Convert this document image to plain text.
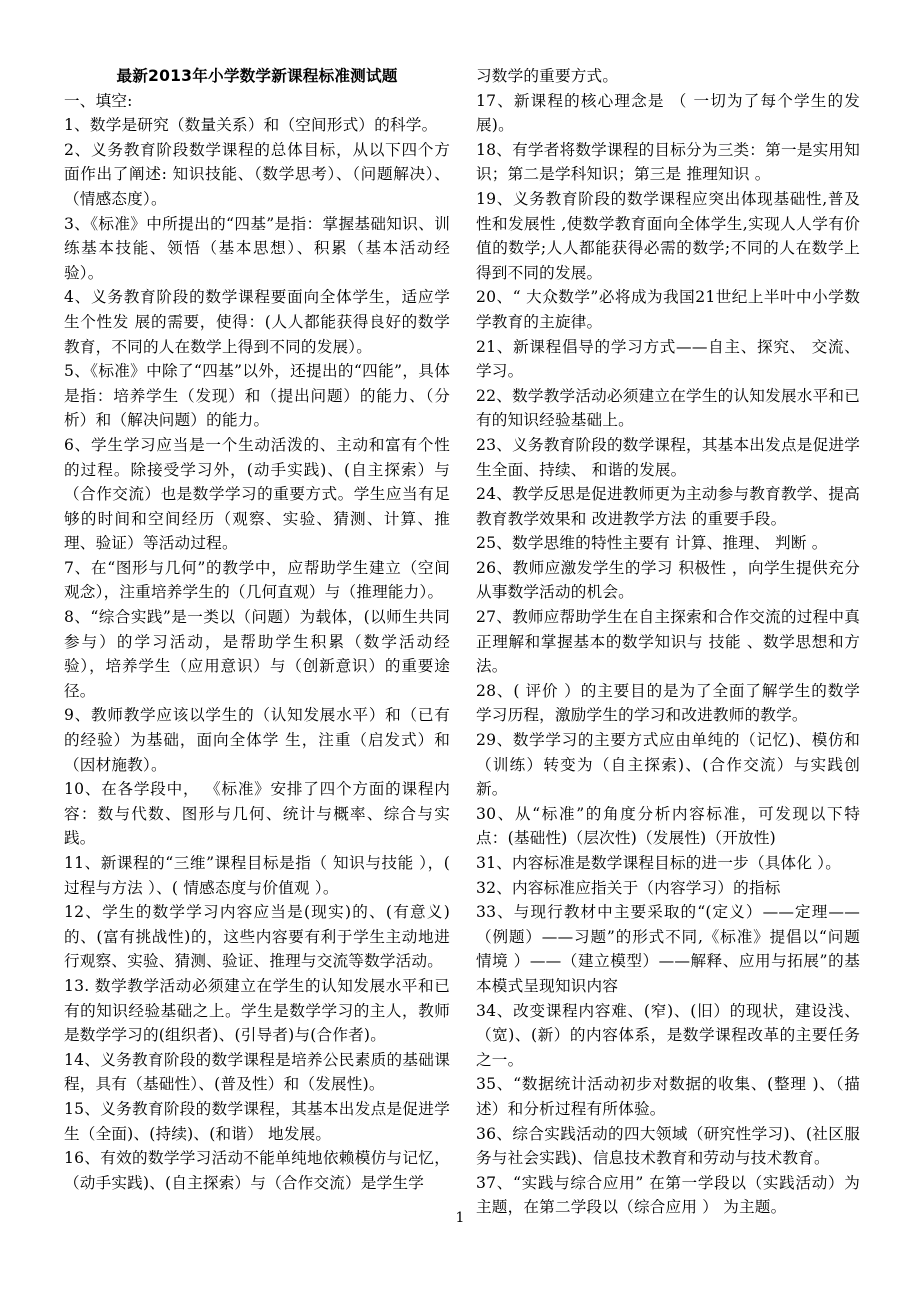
最新2013年小学数学新课程标准测试题

一、填空:

1、数学是研究（数量关系）和（空间形式）的科学。

2、义务教育阶段数学课程的总体目标，从以下四个方面作出了阐述: 知识技能、（数学思考）、（问题解决）、（情感态度）。

3、《标准》中所提出的“四基”是指：掌握基础知识、训练基本技能、领悟（基本思想）、积累（基本活动经验）。

4、义务教育阶段的数学课程要面向全体学生，适应学生个性发 展的需要，使得：(人人都能获得良好的数学教育，不同的人在数学上得到不同的发展）。

5、《标准》中除了“四基”以外，还提出的“四能”，具体是指：培养学生（发现）和（提出问题）的能力、（分析）和（解决问题）的能力。

6、学生学习应当是一个生动活泼的、主动和富有个性的过程。除接受学习外，(动手实践)、(自主探索）与（合作交流）也是数学学习的重要方式。学生应当有足够的时间和空间经历（观察、实验、猜测、计算、推理、验证）等活动过程。

7、在“图形与几何”的教学中，应帮助学生建立（空间观念），注重培养学生的（几何直观）与（推理能力）。

8、“综合实践”是一类以（问题）为载体，(以师生共同参与）的学习活动，是帮助学生积累（数学活动经验），培养学生（应用意识）与（创新意识）的重要途径。

9、教师教学应该以学生的（认知发展水平）和（已有的经验）为基础，面向全体学 生，注重（启发式）和（因材施教）。

10、在各学段中， 《标准》安排了四个方面的课程内容：数与代数、图形与几何、统计与概率、综合与实践。

11、新课程的“三维”课程目标是指（ 知识与技能 ），( 过程与方法 ）、( 情感态度与价值观 ）。

12、学生的数学学习内容应当是(现实)的、(有意义)的、(富有挑战性)的，这些内容要有利于学生主动地进行观察、实验、猜测、验证、推理与交流等数学活动。

13. 数学教学活动必须建立在学生的认知发展水平和已有的知识经验基础之上。学生是数学学习的主人，教师是数学学习的(组织者)、(引导者)与(合作者)。

14、义务教育阶段的数学课程是培养公民素质的基础课程，具有（基础性）、(普及性）和（发展性)。

15、义务教育阶段的数学课程，其基本出发点是促进学生（全面)、(持续)、(和谐） 地发展。

16、有效的数学学习活动不能单纯地依赖模仿与记忆，（动手实践)、(自主探索）与（合作交流）是学生学

习数学的重要方式。

17、新课程的核心理念是 （ 一切为了每个学生的发展)。

18、有学者将数学课程的目标分为三类：第一是实用知识；第二是学科知识；第三是 推理知识 。

19、义务教育阶段的数学课程应突出体现基础性,普及性和发展性 ,使数学教育面向全体学生,实现人人学有价值的数学;人人都能获得必需的数学;不同的人在数学上得到不同的发展。

20、“ 大众数学”必将成为我国21世纪上半叶中小学数学教育的主旋律。

21、新课程倡导的学习方式——自主、探究、 交流、学习。

22、数学教学活动必须建立在学生的认知发展水平和已有的知识经验基础上。

23、义务教育阶段的数学课程，其基本出发点是促进学生全面、持续、 和谐的发展。

24、教学反思是促进教师更为主动参与教育教学、提高教育教学效果和 改进教学方法 的重要手段。

25、数学思维的特性主要有 计算、推理、 判断 。

26、教师应激发学生的学习 积极性 ，向学生提供充分从事数学活动的机会。

27、教师应帮助学生在自主探索和合作交流的过程中真正理解和掌握基本的数学知识与 技能 、数学思想和方法。

28、( 评价 ）的主要目的是为了全面了解学生的数学学习历程，激励学生的学习和改进教师的教学。

29、数学学习的主要方式应由单纯的（记忆)、模仿和（训练）转变为（自主探索)、(合作交流）与实践创新。

30、从“标准”的角度分析内容标准，可发现以下特点：(基础性)（层次性)（发展性)（开放性)

31、内容标准是数学课程目标的进一步（具体化 ）。

32、内容标准应指关于（内容学习）的指标

33、与现行教材中主要采取的“(定义）——定理——（例题）——习题”的形式不同,《标准》提倡以“问题情境 ）——（建立模型）——解释、应用与拓展”的基本模式呈现知识内容

34、改变课程内容难、(窄)、(旧）的现状，建设浅、（宽)、(新）的内容体系，是数学课程改革的主要任务之一。

35、“数据统计活动初步对数据的收集、(整理 )、（描述）和分析过程有所体验。

36、综合实践活动的四大领域（研究性学习)、(社区服务与社会实践)、信息技术教育和劳动与技术教育。

37、“实践与综合应用” 在第一学段以（实践活动）为主题，在第二学段以（综合应用 ） 为主题。

1
